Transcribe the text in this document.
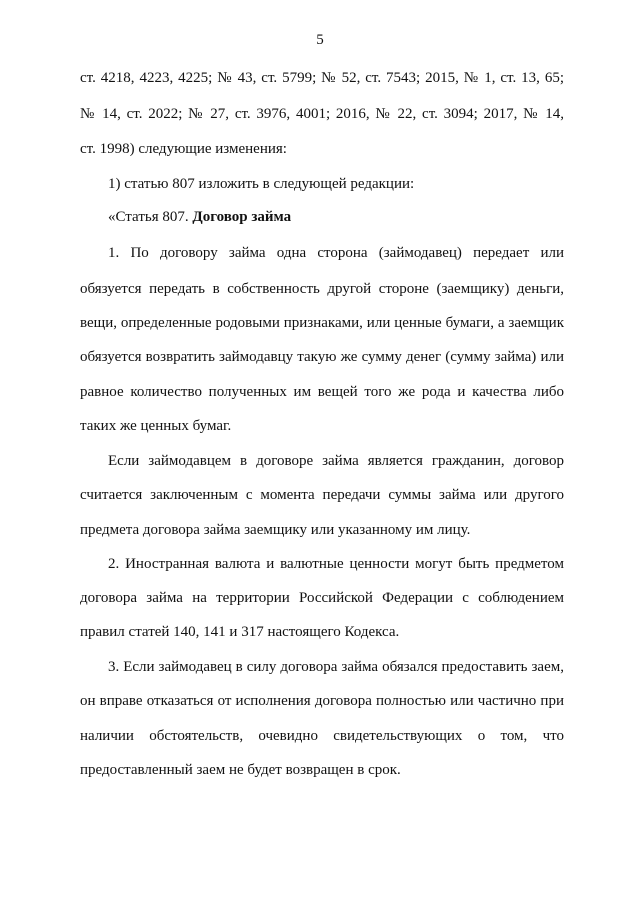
5
ст. 4218, 4223, 4225; № 43, ст. 5799; № 52, ст. 7543; 2015, № 1, ст. 13, 65;
№ 14, ст. 2022; № 27, ст. 3976, 4001; 2016, № 22, ст. 3094; 2017, № 14,
ст. 1998) следующие изменения:
1) статью 807 изложить в следующей редакции:
«Статья 807. Договор займа
1. По договору займа одна сторона (займодавец) передает или
обязуется передать в собственность другой стороне (заемщику) деньги,
вещи, определенные родовыми признаками, или ценные бумаги, а заемщик
обязуется возвратить займодавцу такую же сумму денег (сумму займа) или
равное количество полученных им вещей того же рода и качества либо
таких же ценных бумаг.
Если займодавцем в договоре займа является гражданин, договор
считается заключенным с момента передачи суммы займа или другого
предмета договора займа заемщику или указанному им лицу.
2. Иностранная валюта и валютные ценности могут быть предметом
договора займа на территории Российской Федерации с соблюдением
правил статей 140, 141 и 317 настоящего Кодекса.
3. Если займодавец в силу договора займа обязался предоставить заем,
он вправе отказаться от исполнения договора полностью или частично при
наличии обстоятельств, очевидно свидетельствующих о том, что
предоставленный заем не будет возвращен в срок.
